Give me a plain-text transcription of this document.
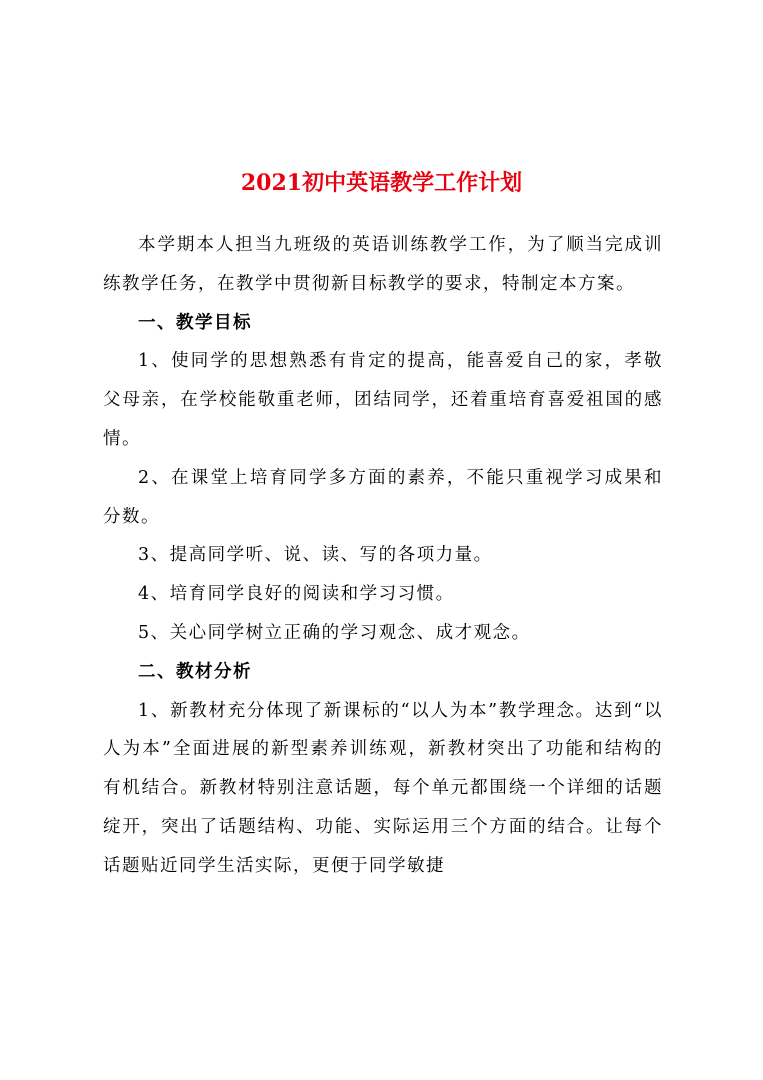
2021初中英语教学工作计划

本学期本人担当九班级的英语训练教学工作，为了顺当完成训练教学任务，在教学中贯彻新目标教学的要求，特制定本方案。

一、教学目标

1、使同学的思想熟悉有肯定的提高，能喜爱自己的家，孝敬父母亲，在学校能敬重老师，团结同学，还着重培育喜爱祖国的感情。

2、在课堂上培育同学多方面的素养，不能只重视学习成果和分数。

3、提高同学听、说、读、写的各项力量。

4、培育同学良好的阅读和学习习惯。

5、关心同学树立正确的学习观念、成才观念。

二、教材分析

1、新教材充分体现了新课标的“以人为本”教学理念。达到“以人为本”全面进展的新型素养训练观，新教材突出了功能和结构的有机结合。新教材特别注意话题，每个单元都围绕一个详细的话题绽开，突出了话题结构、功能、实际运用三个方面的结合。让每个话题贴近同学生活实际，更便于同学敏捷
